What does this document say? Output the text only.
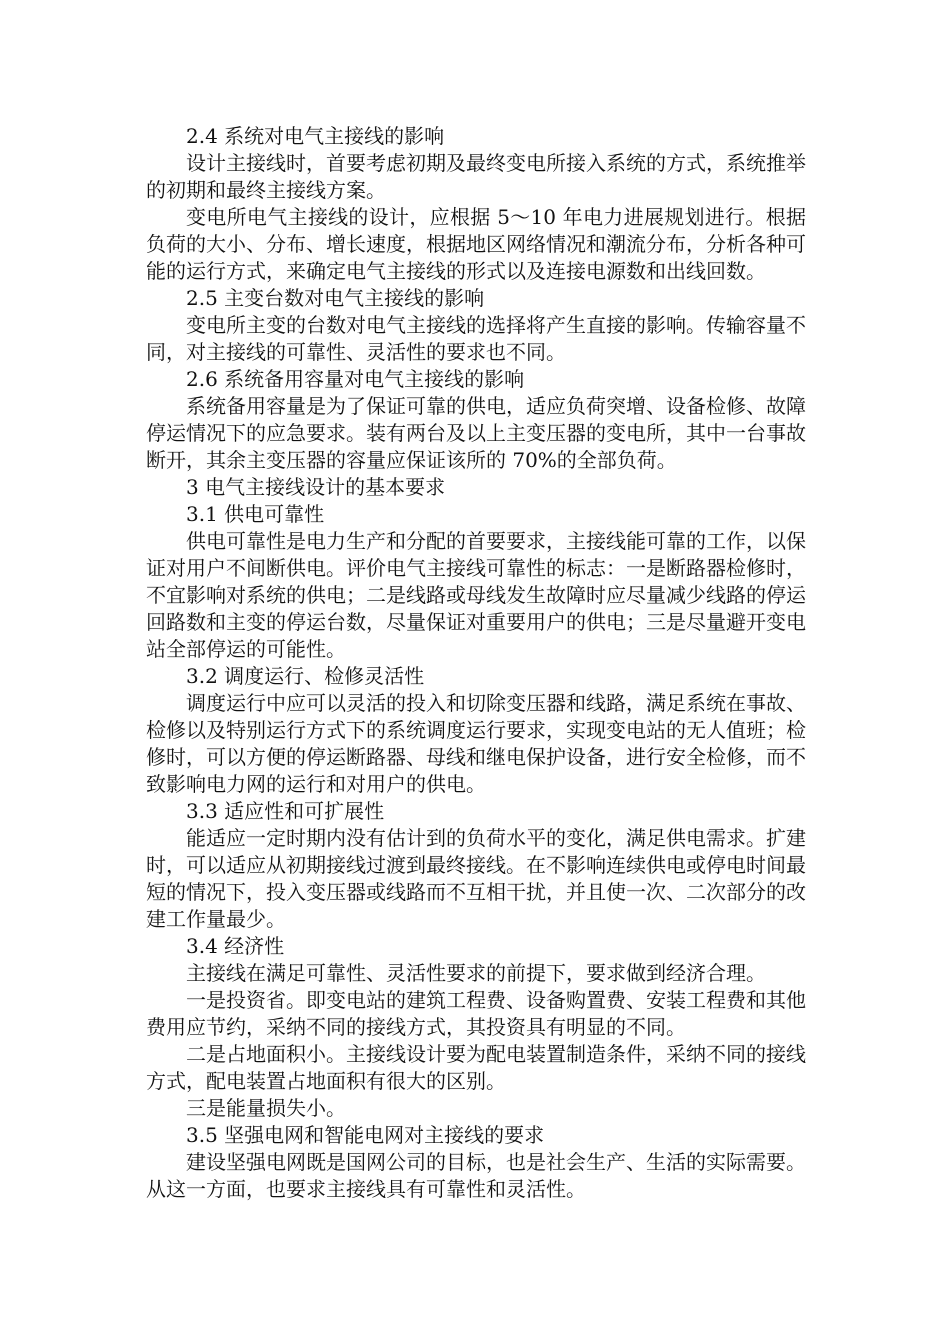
2.4 系统对电气主接线的影响

设计主接线时，首要考虑初期及最终变电所接入系统的方式，系统推举的初期和最终主接线方案。

变电所电气主接线的设计，应根据 5～10 年电力进展规划进行。根据负荷的大小、分布、增长速度，根据地区网络情况和潮流分布，分析各种可能的运行方式，来确定电气主接线的形式以及连接电源数和出线回数。

2.5 主变台数对电气主接线的影响

变电所主变的台数对电气主接线的选择将产生直接的影响。传输容量不同，对主接线的可靠性、灵活性的要求也不同。

2.6 系统备用容量对电气主接线的影响

系统备用容量是为了保证可靠的供电，适应负荷突增、设备检修、故障停运情况下的应急要求。装有两台及以上主变压器的变电所，其中一台事故断开，其余主变压器的容量应保证该所的 70%的全部负荷。

3 电气主接线设计的基本要求

3.1 供电可靠性

供电可靠性是电力生产和分配的首要要求，主接线能可靠的工作，以保证对用户不间断供电。评价电气主接线可靠性的标志：一是断路器检修时，不宜影响对系统的供电；二是线路或母线发生故障时应尽量减少线路的停运回路数和主变的停运台数，尽量保证对重要用户的供电；三是尽量避开变电站全部停运的可能性。

3.2 调度运行、检修灵活性

调度运行中应可以灵活的投入和切除变压器和线路，满足系统在事故、检修以及特别运行方式下的系统调度运行要求，实现变电站的无人值班；检修时，可以方便的停运断路器、母线和继电保护设备，进行安全检修，而不致影响电力网的运行和对用户的供电。

3.3 适应性和可扩展性

能适应一定时期内没有估计到的负荷水平的变化，满足供电需求。扩建时，可以适应从初期接线过渡到最终接线。在不影响连续供电或停电时间最短的情况下，投入变压器或线路而不互相干扰，并且使一次、二次部分的改建工作量最少。

3.4 经济性

主接线在满足可靠性、灵活性要求的前提下，要求做到经济合理。

一是投资省。即变电站的建筑工程费、设备购置费、安装工程费和其他费用应节约，采纳不同的接线方式，其投资具有明显的不同。

二是占地面积小。主接线设计要为配电装置制造条件，采纳不同的接线方式，配电装置占地面积有很大的区别。

三是能量损失小。

3.5 坚强电网和智能电网对主接线的要求

建设坚强电网既是国网公司的目标，也是社会生产、生活的实际需要。从这一方面，也要求主接线具有可靠性和灵活性。
